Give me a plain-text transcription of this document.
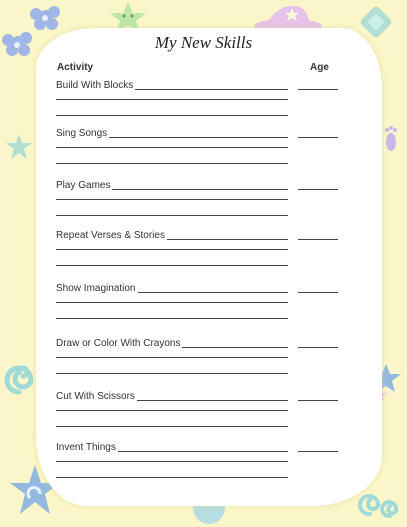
My New Skills
Activity	Age
Build With Blocks
Sing Songs
Play Games
Repeat Verses & Stories
Show Imagination
Draw or Color With Crayons
Cut With Scissors
Invent Things
